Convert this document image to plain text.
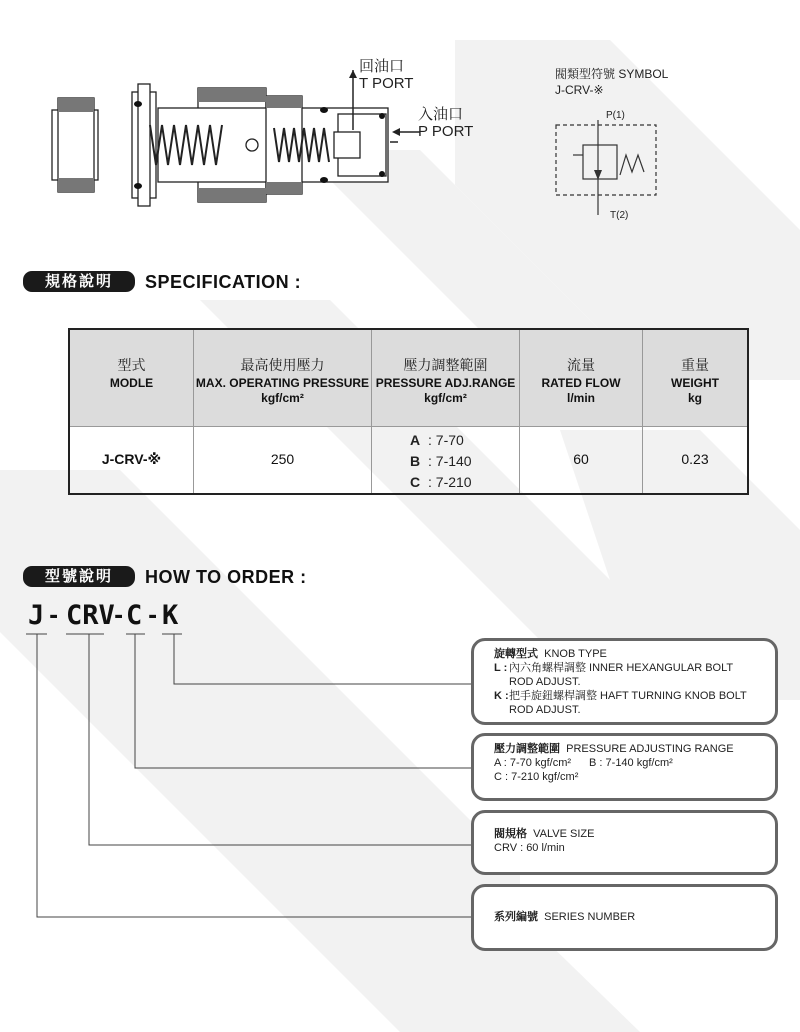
回油口
T PORT
入油口
P PORT
閥類型符號 SYMBOL
J-CRV-※
P(1)
T(2)
規格說明	SPECIFICATION :
型式
MODLE
J-CRV-※
最高使用壓力
MAX. OPERATING PRESSURE
kgf/cm²
250
壓力調整範圍
PRESSURE ADJ.RANGE
kgf/cm²
A : 7-70
B : 7-140
C : 7-210
流量
RATED FLOW
l/min
60
重量
WEIGHT
kg
0.23
型號說明	HOW TO ORDER :
J - CRV
- C - K
旋轉型式 KNOB TYPE
L : 內六角螺桿調整 INNER HEXANGULAR BOLT ROD ADJUST.
K : 把手旋鈕螺桿調整 HAFT TURNING KNOB BOLT ROD ADJUST.
壓力調整範圍 PRESSURE ADJUSTING RANGE
A : 7-70 kgf/cm² B : 7-140 kgf/cm²
C : 7-210 kgf/cm²
閥規格 VALVE SIZE
CRV : 60 l/min
系列編號 SERIES NUMBER
